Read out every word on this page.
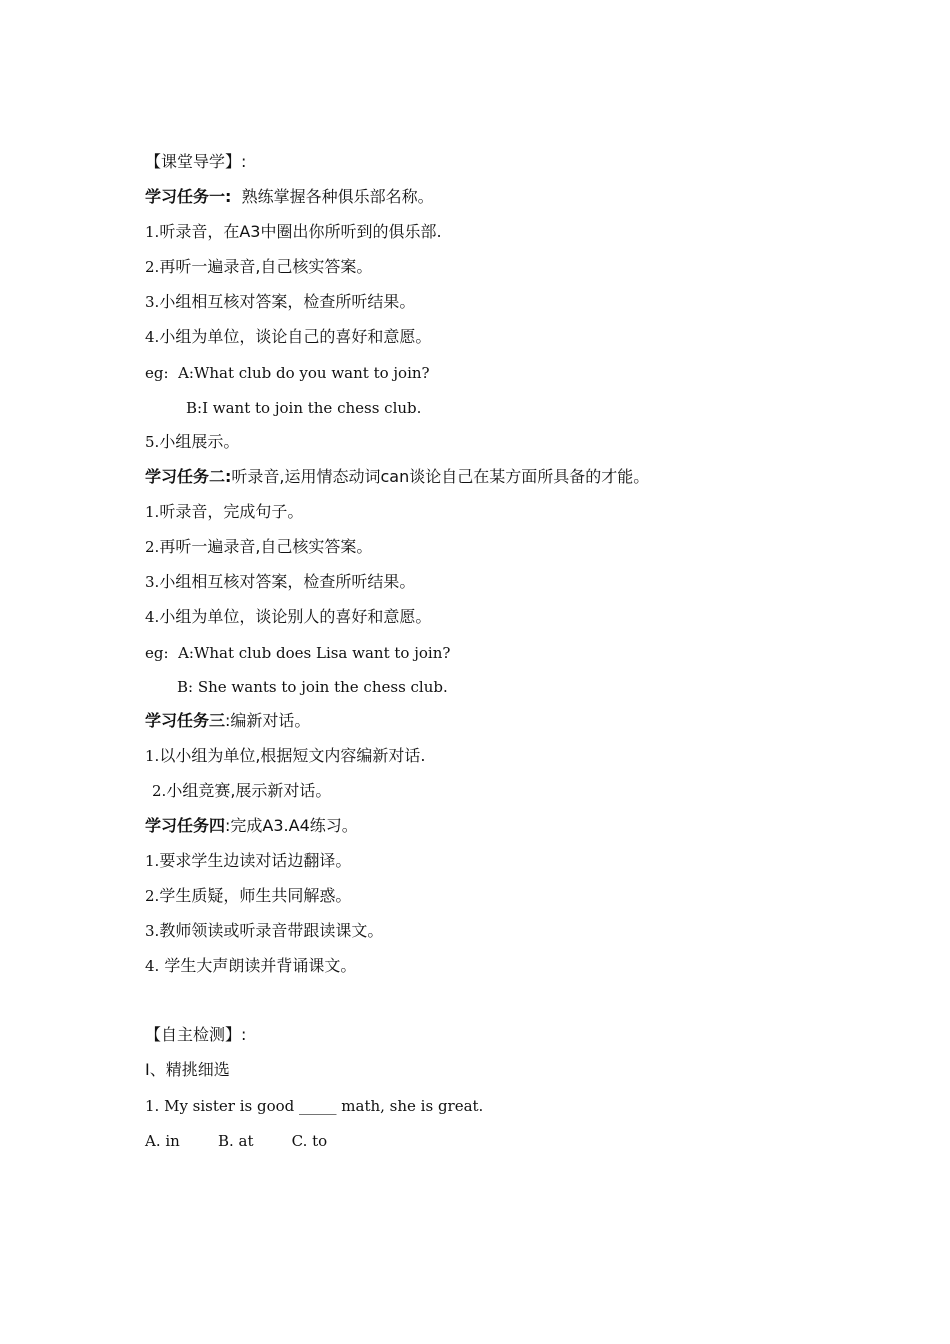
【课堂导学】:
学习任务一:  熟练掌握各种俱乐部名称。
1.听录音，在A3中圈出你所听到的俱乐部.
2.再听一遍录音,自己核实答案。
3.小组相互核对答案，检查所听结果。
4.小组为单位，谈论自己的喜好和意愿。
eg:  A:What club do you want to join?
B:I want to join the chess club.
5.小组展示。
学习任务二:听录音,运用情态动词can谈论自己在某方面所具备的才能。
1.听录音，完成句子。
2.再听一遍录音,自己核实答案。
3.小组相互核对答案，检查所听结果。
4.小组为单位，谈论别人的喜好和意愿。
eg:  A:What club does Lisa want to join?
B: She wants to join the chess club.
学习任务三:编新对话。
1.以小组为单位,根据短文内容编新对话.
2.小组竞赛,展示新对话。
学习任务四:完成A3.A4练习。
1.要求学生边读对话边翻译。
2.学生质疑，师生共同解惑。
3.教师领读或听录音带跟读课文。
4. 学生大声朗读并背诵课文。
【自主检测】:
I、精挑细选
1. My sister is good _____ math, she is great.
A. in        B. at        C. to
